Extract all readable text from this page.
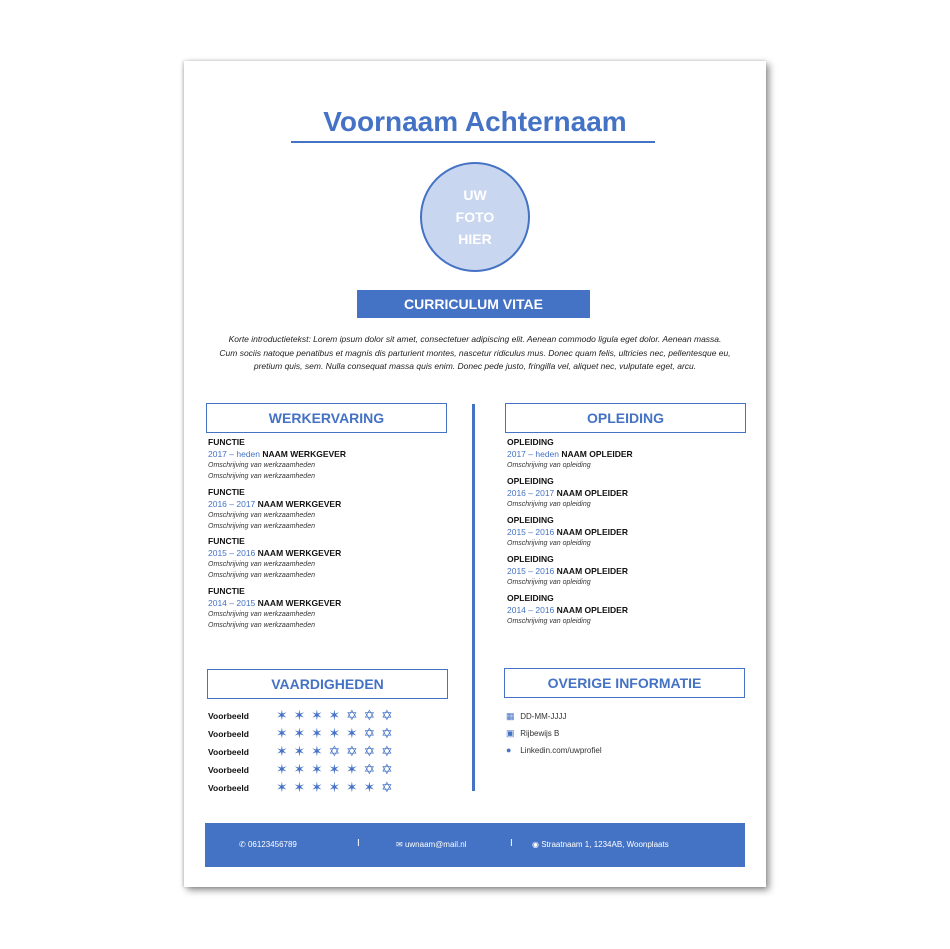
Voornaam Achternaam
UW
FOTO
HIER
CURRICULUM VITAE
Korte introductietekst: Lorem ipsum dolor sit amet, consectetuer adipiscing elit. Aenean commodo ligula eget dolor. Aenean massa.
Cum sociis natoque penatibus et magnis dis parturient montes, nascetur ridiculus mus. Donec quam felis, ultricies nec, pellentesque eu,
pretium quis, sem. Nulla consequat massa quis enim. Donec pede justo, fringilla vel, aliquet nec, vulputate eget, arcu.
WERKERVARING	OPLEIDING
VAARDIGHEDEN	OVERIGE INFORMATIE
FUNCTIE
2017 – heden NAAM WERKGEVER
Omschrijving van werkzaamheden
Omschrijving van werkzaamheden
FUNCTIE
2016 – 2017 NAAM WERKGEVER
Omschrijving van werkzaamheden
Omschrijving van werkzaamheden
FUNCTIE
2015 – 2016 NAAM WERKGEVER
Omschrijving van werkzaamheden
Omschrijving van werkzaamheden
FUNCTIE
2014 – 2015 NAAM WERKGEVER
Omschrijving van werkzaamheden
Omschrijving van werkzaamheden
OPLEIDING
2017 – heden NAAM OPLEIDER
Omschrijving van opleiding
OPLEIDING
2016 – 2017 NAAM OPLEIDER
Omschrijving van opleiding
OPLEIDING
2015 – 2016 NAAM OPLEIDER
Omschrijving van opleiding
OPLEIDING
2015 – 2016 NAAM OPLEIDER
Omschrijving van opleiding
OPLEIDING
2014 – 2016 NAAM OPLEIDER
Omschrijving van opleiding
Voorbeeld ✶ ✶ ✶ ✶ ✡ ✡ ✡
Voorbeeld ✶ ✶ ✶ ✶ ✶ ✡ ✡
Voorbeeld ✶ ✶ ✶ ✡ ✡ ✡ ✡
Voorbeeld ✶ ✶ ✶ ✶ ✶ ✡ ✡
Voorbeeld ✶ ✶ ✶ ✶ ✶ ✶ ✡
▦ DD-MM-JJJJ
▣ Rijbewijs B
● Linkedin.com/uwprofiel
✆ 06123456789	I	✉ uwnaam@mail.nl	I ◉ Straatnaam 1, 1234AB, Woonplaats
